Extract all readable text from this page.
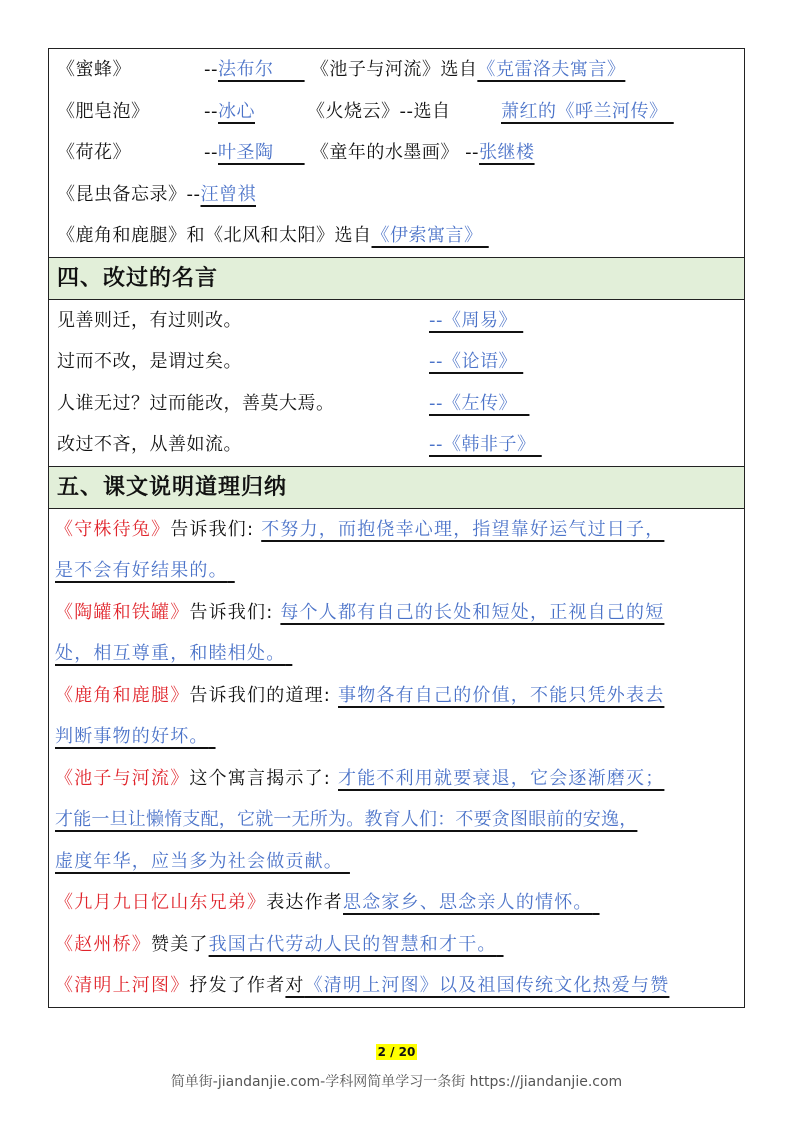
《蜜蜂》	--法布尔 《池子与河流》选自《克雷洛夫寓言》
《肥皂泡》	--冰心	《火烧云》--选自	萧红的《呼兰河传》
《荷花》	--叶圣陶 《童年的水墨画》 --张继楼
《昆虫备忘录》--汪曾祺
《鹿角和鹿腿》和《北风和太阳》选自《伊索寓言》
四、改过的名言
见善则迁，有过则改。	--《周易》
过而不改，是谓过矣。	--《论语》
人谁无过？过而能改，善莫大焉。	--《左传》
改过不吝，从善如流。	--《韩非子》
五、课文说明道理归纳
《守株待兔》告诉我们: 不努力，而抱侥幸心理，指望靠好运气过日子，
是不会有好结果的。
《陶罐和铁罐》告诉我们: 每个人都有自己的长处和短处，正视自己的短
处，相互尊重，和睦相处。
《鹿角和鹿腿》告诉我们的道理: 事物各有自己的价值，不能只凭外表去
判断事物的好坏。
《池子与河流》这个寓言揭示了: 才能不利用就要衰退，它会逐渐磨灭；
才能一旦让懒惰支配，它就一无所为。教育人们：不要贪图眼前的安逸，
虚度年华，应当多为社会做贡献。
《九月九日忆山东兄弟》表达作者思念家乡、思念亲人的情怀。
《赵州桥》赞美了我国古代劳动人民的智慧和才干。
《清明上河图》抒发了作者对《清明上河图》以及祖国传统文化热爱与赞
2 / 20
简单街-jiandanjie.com-学科网简单学习一条街 https://jiandanjie.com
